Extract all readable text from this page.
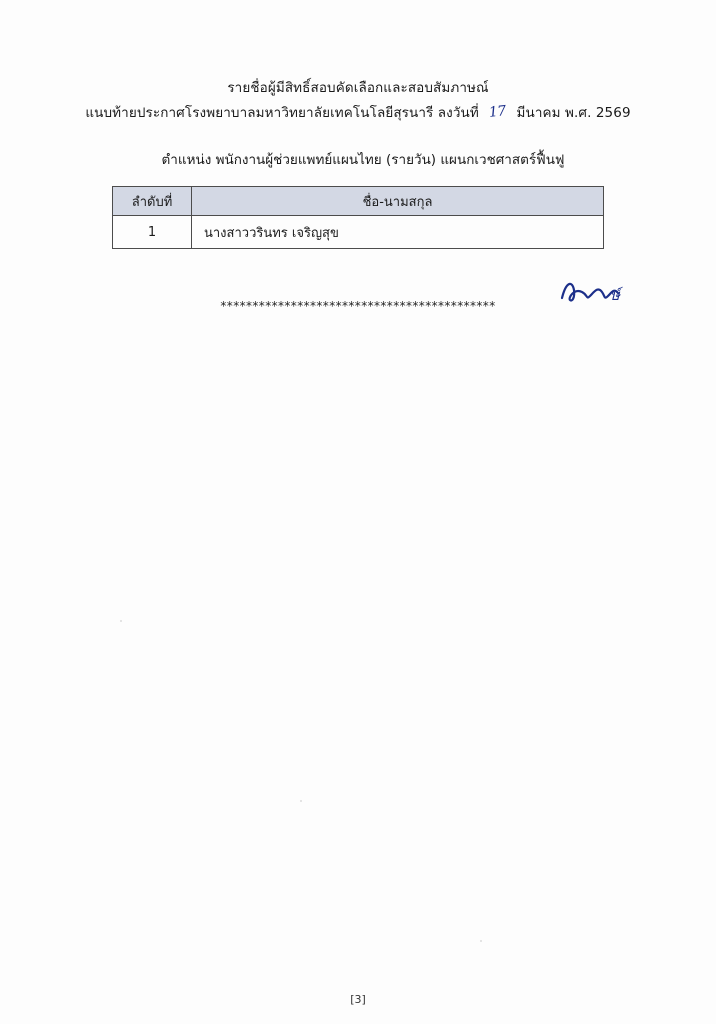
รายชื่อผู้มีสิทธิ์สอบคัดเลือกและสอบสัมภาษณ์
แนบท้ายประกาศโรงพยาบาลมหาวิทยาลัยเทคโนโลยีสุรนารี ลงวันที่ 17 มีนาคม พ.ศ. 2569
ตำแหน่ง พนักงานผู้ช่วยแพทย์แผนไทย (รายวัน) แผนกเวชศาสตร์ฟื้นฟู
ลำดับที่	ชื่อ-นามสกุล
1	นางสาววรินทร เจริญสุข
*******************************************
ษ์
[3]
